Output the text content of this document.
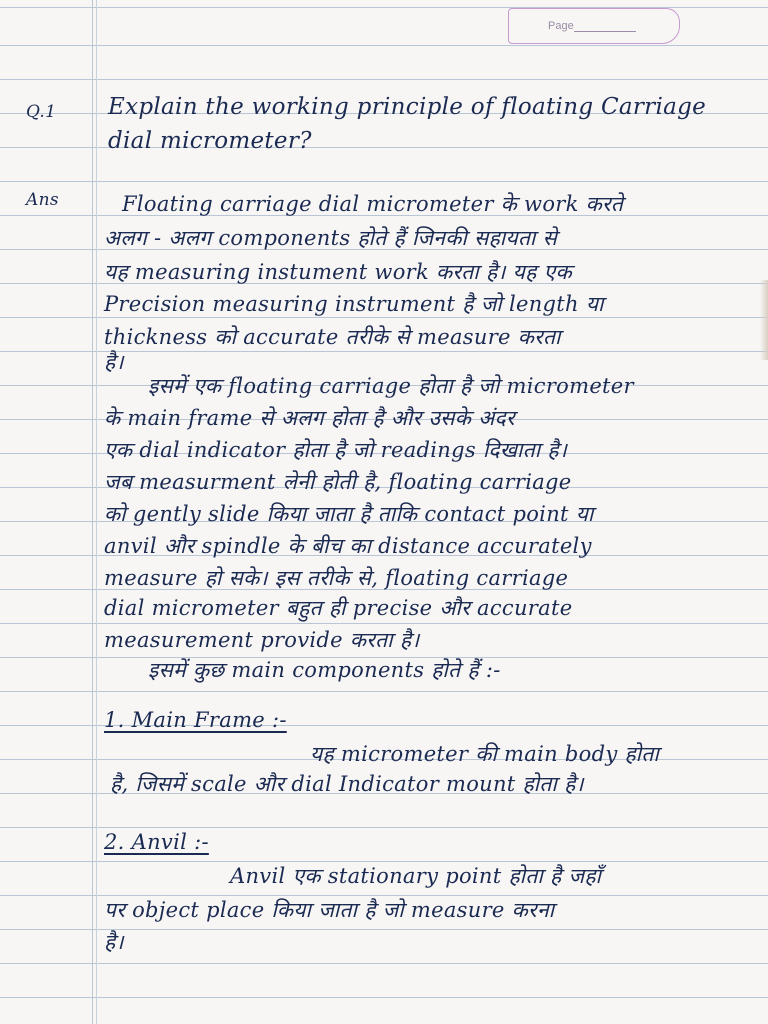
Page
Q.1 Explain the working principle of floating Carriage
dial micrometer?
Ans	Floating carriage dial micrometer के work करते
अलग - अलग components होते हैं जिनकी सहायता से
यह measuring instument work करता है। यह एक
Precision measuring instrument है जो length या
thickness को accurate तरीके से measure करता
है।
इसमें एक floating carriage होता है जो micrometer
के main frame से अलग होता है और उसके अंदर
एक dial indicator होता है जो readings दिखाता है।
जब measurment लेनी होती है, floating carriage
को gently slide किया जाता है ताकि contact point या
anvil और spindle के बीच का distance accurately
measure हो सके। इस तरीके से, floating carriage
dial micrometer बहुत ही precise और accurate
measurement provide करता है।
इसमें कुछ main components होते हैं :-
1. Main Frame :-
यह micrometer की main body होता
है, जिसमें scale और dial Indicator mount होता है।
2. Anvil :-
Anvil एक stationary point होता है जहाँ
पर object place किया जाता है जो measure करना
है।
